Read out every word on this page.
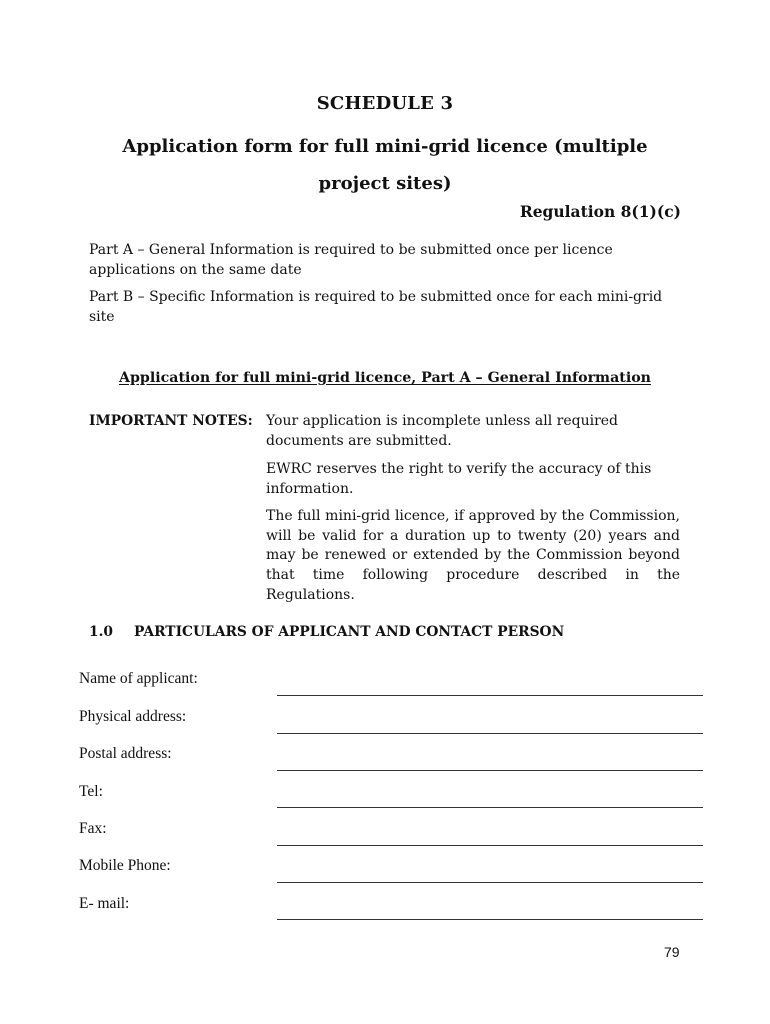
SCHEDULE 3
Application form for full mini-grid licence (multiple project sites)
Regulation 8(1)(c)
Part A – General Information is required to be submitted once per licence applications on the same date
Part B – Specific Information is required to be submitted once for each mini-grid site
Application for full mini-grid licence, Part A – General Information
IMPORTANT NOTES: Your application is incomplete unless all required documents are submitted.
EWRC reserves the right to verify the accuracy of this information.
The full mini-grid licence, if approved by the Commission, will be valid for a duration up to twenty (20) years and may be renewed or extended by the Commission beyond that time following procedure described in the Regulations.
1.0 PARTICULARS OF APPLICANT AND CONTACT PERSON
Name of applicant:
Physical address:
Postal address:
Tel:
Fax:
Mobile Phone:
E- mail:
79
